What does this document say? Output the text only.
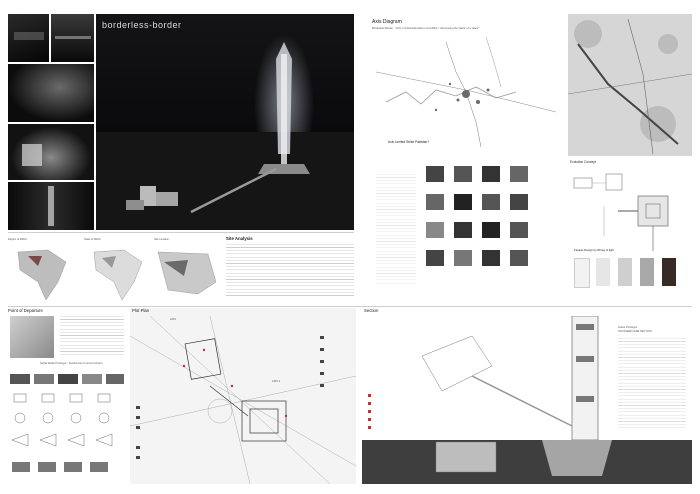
borderless-border	Axis Diagram
Borderless Border : "Axis" (continental pattern of conflict) / "discovering the 'place' of a 'place'"
Axis Limited Strike Pakistan?
Evolution Concept
Facade Design by Rhreq of light
Region of INDIA	State of INDIA	Site Location	Site Analysis
Point of Departure
Social Death Prototype : Social Issue to Good Content
Plot Plan
AXIS
AXIS 2
Section
Indoor Prototype
SOUTHERN SIDE SECTION
